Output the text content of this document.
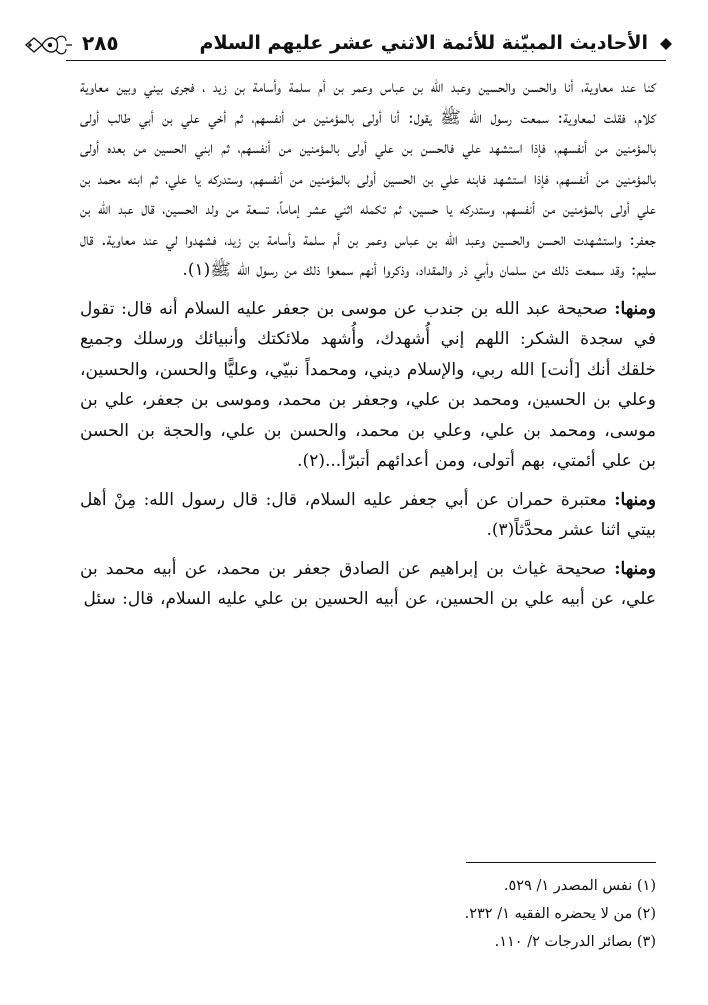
الأحاديث المبيّنة للأئمة الاثني عشر عليهم السلام
٢٨٥

كنا عند معاوية، أنا والحسن والحسين وعبد الله بن عباس وعمر بن أم سلمة وأسامة بن زيد ، فجرى بيني وبين معاوية كلام، فقلت لمعاوية: سمعت رسول الله ﷺ يقول: أنا أولى بالمؤمنين من أنفسهم، ثم أخي علي بن أبي طالب أولى بالمؤمنين من أنفسهم، فإذا استشهد علي فالحسن بن علي أولى بالمؤمنين من أنفسهم، ثم ابني الحسين من بعده أولى بالمؤمنين من أنفسهم، فإذا استشهد فابنه علي بن الحسين أولى بالمؤمنين من أنفسهم، وستدركه يا علي، ثم ابنه محمد بن علي أولى بالمؤمنين من أنفسهم، وستدركه يا حسين، ثم تكمله اثني عشر إماماً، تسعة من ولد الحسين، قال عبد الله بن جعفر: واستشهدت الحسن والحسين وعبد الله بن عباس وعمر بن أم سلمة وأسامة بن زيد، فشهدوا لي عند معاوية. قال سليم: وقد سمعت ذلك من سلمان وأبي ذر والمقداد، وذكروا أنهم سمعوا ذلك من رسول الله ﷺ(١).

ومنها: صحيحة عبد الله بن جندب عن موسى بن جعفر عليه السلام أنه قال: تقول في سجدة الشكر: اللهم إني أُشهدك، وأُشهد ملائكتك وأنبيائك ورسلك وجميع خلقك أنك [أنت] الله ربي، والإسلام ديني، ومحمداً نبيّي، وعليًّا والحسن، والحسين، وعلي بن الحسين، ومحمد بن علي، وجعفر بن محمد، وموسى بن جعفر، علي بن موسى، ومحمد بن علي، وعلي بن محمد، والحسن بن علي، والحجة بن الحسن بن علي أئمتي، بهم أتولى، ومن أعدائهم أتبرّأ...(٢).

ومنها: معتبرة حمران عن أبي جعفر عليه السلام، قال: قال رسول الله: مِنْ أهل بيتي اثنا عشر محدَّثاً(٣).

ومنها: صحيحة غياث بن إبراهيم عن الصادق جعفر بن محمد، عن أبيه محمد بن علي، عن أبيه علي بن الحسين، عن أبيه الحسين بن علي عليه السلام، قال: سئل

(١) نفس المصدر ١/ ٥٢٩.
(٢) من لا يحضره الفقيه ١/ ٢٣٢.
(٣) بصائر الدرجات ٢/ ١١٠.
